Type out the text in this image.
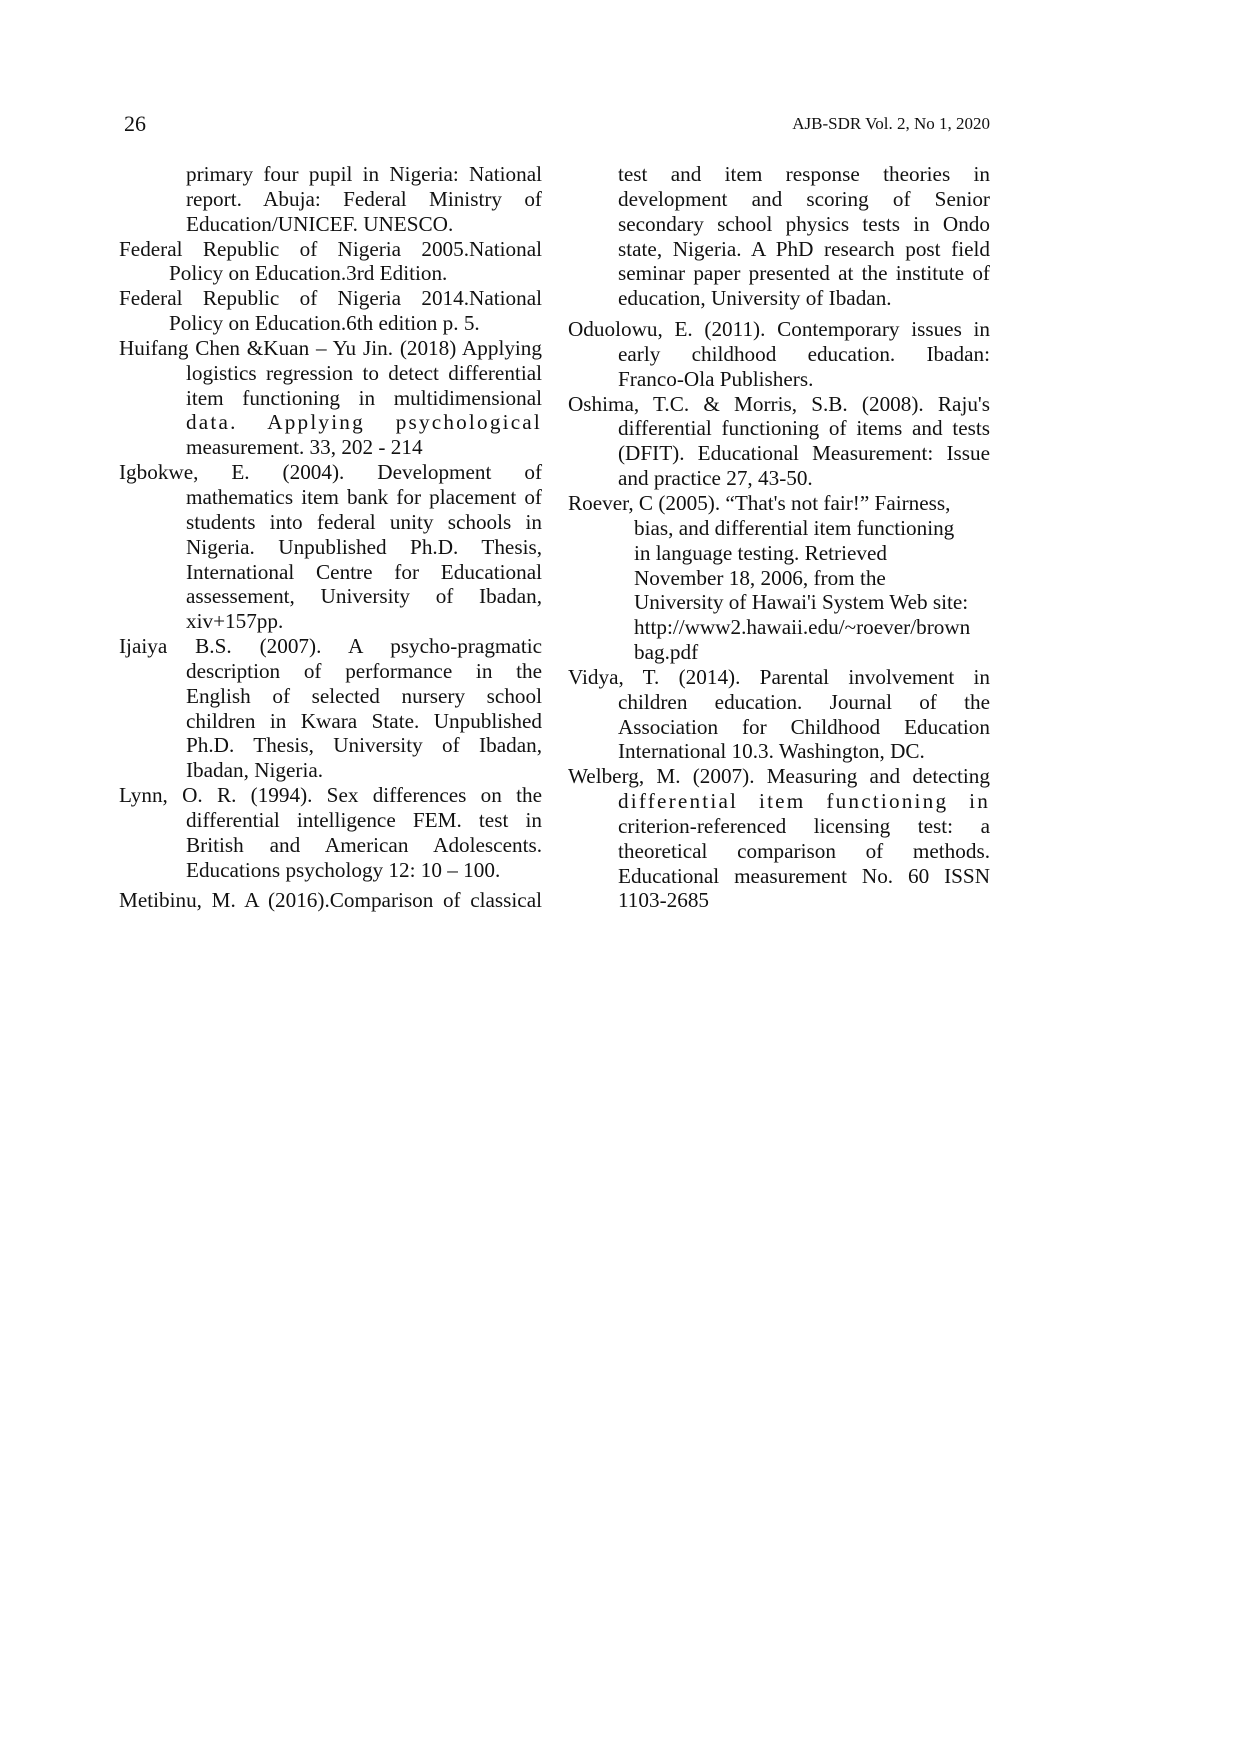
26	AJB-SDR Vol. 2, No 1, 2020
primary four pupil in Nigeria: National
report. Abuja: Federal Ministry of
Education/UNICEF. UNESCO.
Federal Republic of Nigeria 2005.National
Policy on Education.3rd Edition.
Federal Republic of Nigeria 2014.National
Policy on Education.6th edition p. 5.
Huifang Chen &Kuan – Yu Jin. (2018) Applying
logistics regression to detect differential
item functioning in multidimensional
data. Applying psychological
measurement. 33, 202 - 214
Igbokwe, E. (2004). Development of
mathematics item bank for placement of
students into federal unity schools in
Nigeria. Unpublished Ph.D. Thesis,
International Centre for Educational
assessement, University of Ibadan,
xiv+157pp.
Ijaiya B.S. (2007). A psycho-pragmatic
description of performance in the
English of selected nursery school
children in Kwara State. Unpublished
Ph.D. Thesis, University of Ibadan,
Ibadan, Nigeria.
Lynn, O. R. (1994). Sex differences on the
differential intelligence FEM. test in
British and American Adolescents.
Educations psychology 12: 10 – 100.
Metibinu, M. A (2016).Comparison of classical
test and item response theories in
development and scoring of Senior
secondary school physics tests in Ondo
state, Nigeria. A PhD research post field
seminar paper presented at the institute of
education, University of Ibadan.
Oduolowu, E. (2011). Contemporary issues in
early childhood education. Ibadan:
Franco-Ola Publishers.
Oshima, T.C. & Morris, S.B. (2008). Raju's
differential functioning of items and tests
(DFIT). Educational Measurement: Issue
and practice 27, 43-50.
Roever, C (2005). “That's not fair!” Fairness,
bias, and differential item functioning
in language testing. Retrieved
November 18, 2006, from the
University of Hawai'i System Web site:
http://www2.hawaii.edu/~roever/brown
bag.pdf
Vidya, T. (2014). Parental involvement in
children education. Journal of the
Association for Childhood Education
International 10.3. Washington, DC.
Welberg, M. (2007). Measuring and detecting
differential item functioning in
criterion-referenced licensing test: a
theoretical comparison of methods.
Educational measurement No. 60 ISSN
1103-2685
